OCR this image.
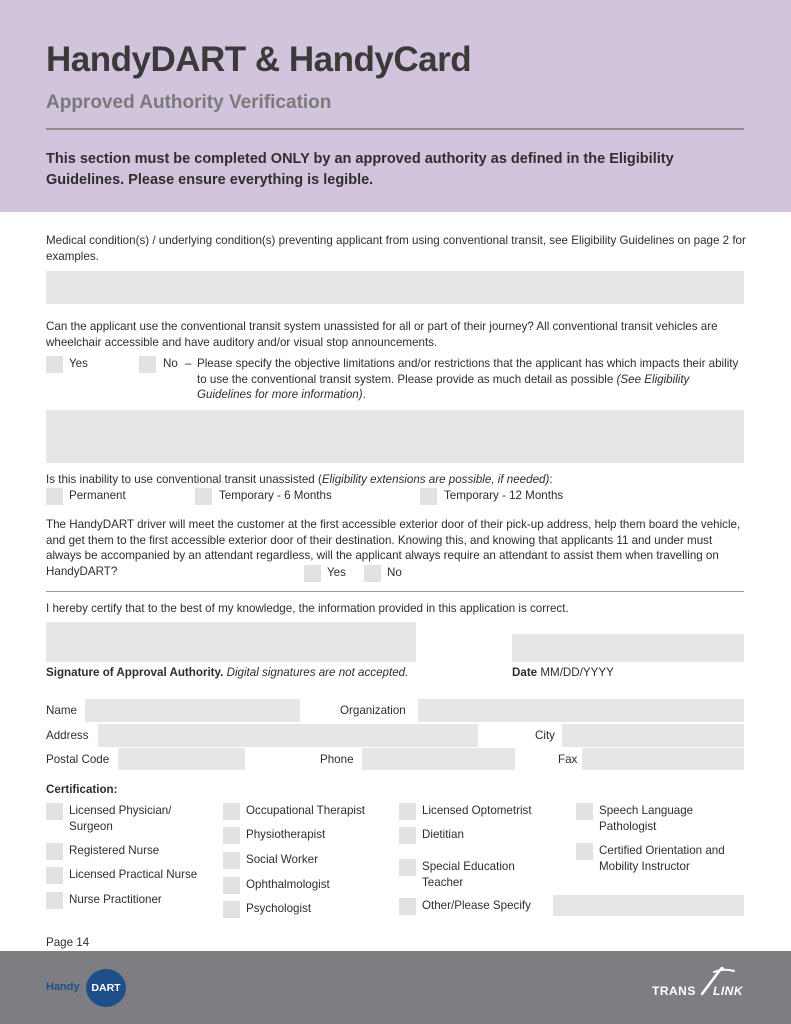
HandyDART & HandyCard
Approved Authority Verification
This section must be completed ONLY by an approved authority as defined in the Eligibility Guidelines. Please ensure everything is legible.
Medical condition(s) / underlying condition(s) preventing applicant from using conventional transit, see Eligibility Guidelines on page 2 for examples.
Can the applicant use the conventional transit system unassisted for all or part of their journey? All conventional transit vehicles are wheelchair accessible and have auditory and/or visual stop announcements.
Yes	No – Please specify the objective limitations and/or restrictions that the applicant has which impacts their ability to use the conventional transit system. Please provide as much detail as possible (See Eligibility Guidelines for more information).
Is this inability to use conventional transit unassisted (Eligibility extensions are possible, if needed):
Permanent	Temporary - 6 Months	Temporary - 12 Months
The HandyDART driver will meet the customer at the first accessible exterior door of their pick-up address, help them board the vehicle, and get them to the first accessible exterior door of their destination. Knowing this, and knowing that applicants 11 and under must always be accompanied by an attendant regardless, will the applicant always require an attendant to assist them when travelling on HandyDART?	Yes	No
I hereby certify that to the best of my knowledge, the information provided in this application is correct.
Signature of Approval Authority. Digital signatures are not accepted.	Date MM/DD/YYYY
Name	Organization
Address	City
Postal Code	Phone	Fax
Certification:
Licensed Physician/ Surgeon
Registered Nurse
Licensed Practical Nurse
Nurse Practitioner
Occupational Therapist
Physiotherapist
Social Worker
Ophthalmologist
Psychologist
Licensed Optometrist
Dietitian
Special Education Teacher
Other/Please Specify
Speech Language Pathologist
Certified Orientation and Mobility Instructor
Page 14
Handy	DART	TRANS LINK
